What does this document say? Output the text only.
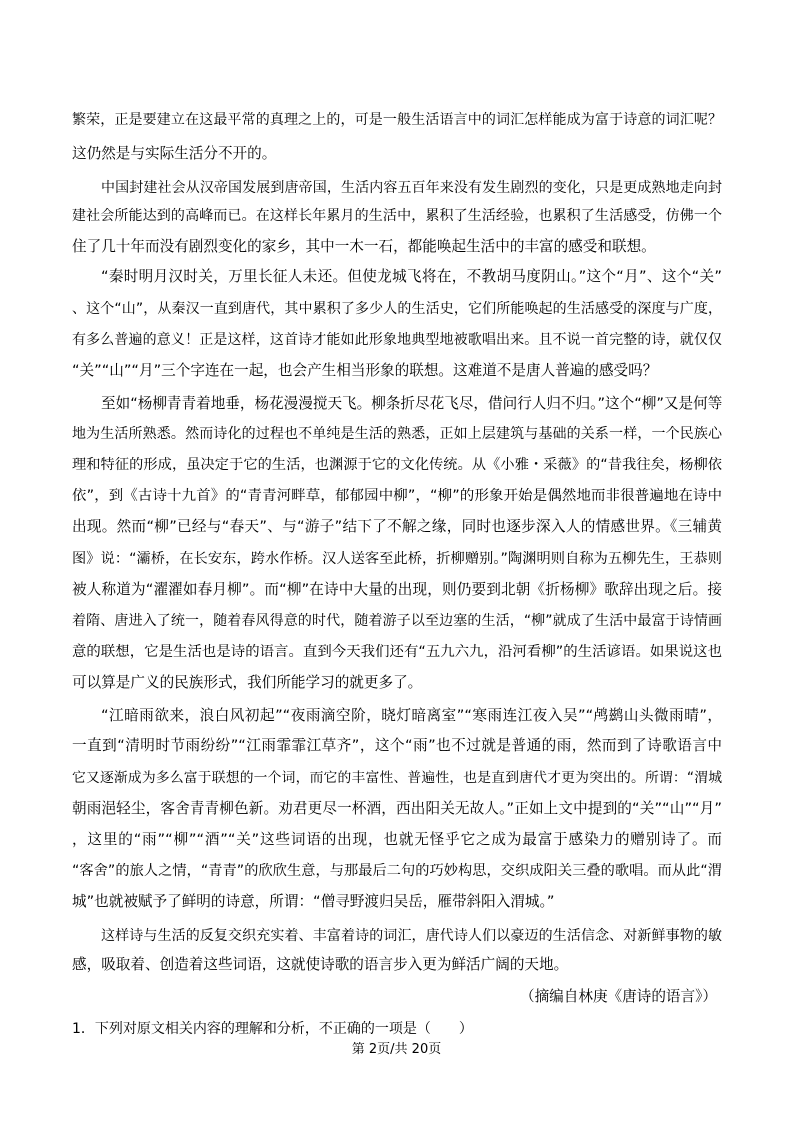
繁荣，正是要建立在这最平常的真理之上的，可是一般生活语言中的词汇怎样能成为富于诗意的词汇呢？
这仍然是与实际生活分不开的。
中国封建社会从汉帝国发展到唐帝国，生活内容五百年来没有发生剧烈的变化，只是更成熟地走向封
建社会所能达到的高峰而已。在这样长年累月的生活中，累积了生活经验，也累积了生活感受，仿佛一个
住了几十年而没有剧烈变化的家乡，其中一木一石，都能唤起生活中的丰富的感受和联想。
“秦时明月汉时关，万里长征人未还。但使龙城飞将在，不教胡马度阴山。”这个“月”、这个“关”
、这个“山”，从秦汉一直到唐代，其中累积了多少人的生活史，它们所能唤起的生活感受的深度与广度，
有多么普遍的意义！正是这样，这首诗才能如此形象地典型地被歌唱出来。且不说一首完整的诗，就仅仅
“关”“山”“月”三个字连在一起，也会产生相当形象的联想。这难道不是唐人普遍的感受吗？
至如“杨柳青青着地垂，杨花漫漫搅天飞。柳条折尽花飞尽，借问行人归不归。”这个“柳”又是何等
地为生活所熟悉。然而诗化的过程也不单纯是生活的熟悉，正如上层建筑与基础的关系一样，一个民族心
理和特征的形成，虽决定于它的生活，也渊源于它的文化传统。从《小雅・采薇》的“昔我往矣，杨柳依
依”，到《古诗十九首》的“青青河畔草，郁郁园中柳”，“柳”的形象开始是偶然地而非很普遍地在诗中
出现。然而“柳”已经与“春天”、与“游子”结下了不解之缘，同时也逐步深入人的情感世界。《三辅黄
图》说：“灞桥，在长安东，跨水作桥。汉人送客至此桥，折柳赠别。”陶渊明则自称为五柳先生，王恭则
被人称道为“濯濯如春月柳”。而“柳”在诗中大量的出现，则仍要到北朝《折杨柳》歌辞出现之后。接
着隋、唐进入了统一，随着春风得意的时代，随着游子以至边塞的生活，“柳”就成了生活中最富于诗情画
意的联想，它是生活也是诗的语言。直到今天我们还有“五九六九，沿河看柳”的生活谚语。如果说这也
可以算是广义的民族形式，我们所能学习的就更多了。
“江暗雨欲来，浪白风初起”“夜雨滴空阶，晓灯暗离室”“寒雨连江夜入吴”“鸬鹚山头微雨晴”，
一直到“清明时节雨纷纷”“江雨霏霏江草齐”，这个“雨”也不过就是普通的雨，然而到了诗歌语言中
它又逐渐成为多么富于联想的一个词，而它的丰富性、普遍性，也是直到唐代才更为突出的。所谓：“渭城
朝雨浥轻尘，客舍青青柳色新。劝君更尽一杯酒，西出阳关无故人。”正如上文中提到的“关”“山”“月”
，这里的“雨”“柳”“酒”“关”这些词语的出现，也就无怪乎它之成为最富于感染力的赠别诗了。而
“客舍”的旅人之情，“青青”的欣欣生意，与那最后二句的巧妙构思，交织成阳关三叠的歌唱。而从此“渭
城”也就被赋予了鲜明的诗意，所谓：“僧寻野渡归吴岳，雁带斜阳入渭城。”
这样诗与生活的反复交织充实着、丰富着诗的词汇，唐代诗人们以豪迈的生活信念、对新鲜事物的敏
感，吸取着、创造着这些词语，这就使诗歌的语言步入更为鲜活广阔的天地。
（摘编自林庚《唐诗的语言》）
1．下列对原文相关内容的理解和分析，不正确的一项是（　　）
第 2页/共 20页
